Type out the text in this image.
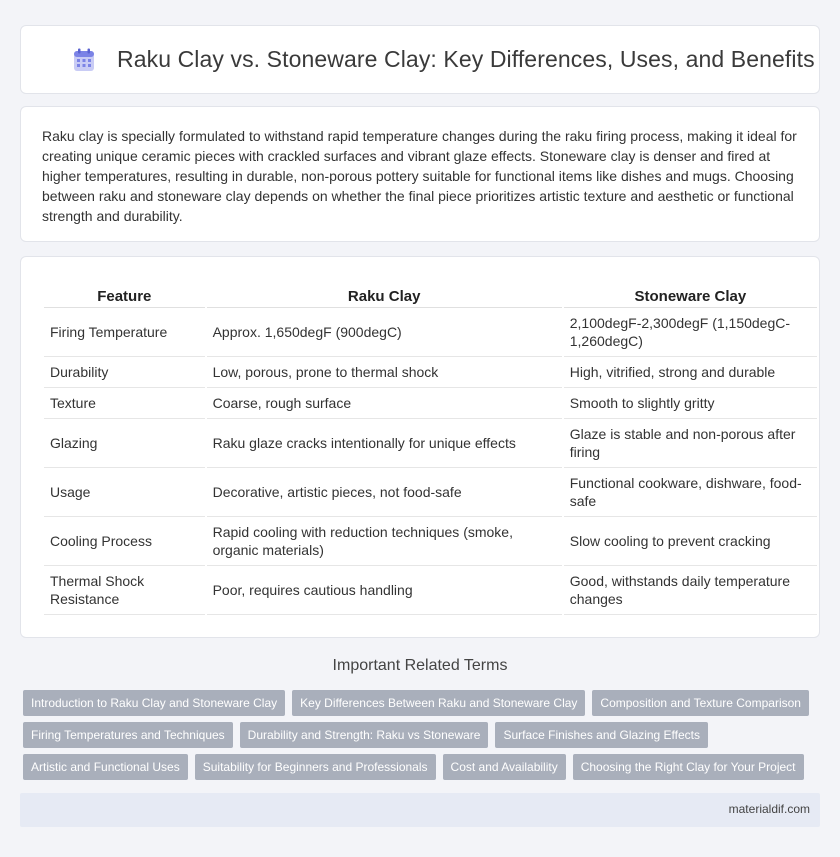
Raku Clay vs. Stoneware Clay: Key Differences, Uses, and Benefits

Raku clay is specially formulated to withstand rapid temperature changes during the raku firing process, making it ideal for creating unique ceramic pieces with crackled surfaces and vibrant glaze effects. Stoneware clay is denser and fired at higher temperatures, resulting in durable, non-porous pottery suitable for functional items like dishes and mugs. Choosing between raku and stoneware clay depends on whether the final piece prioritizes artistic texture and aesthetic or functional strength and durability.

Feature	Raku Clay	Stoneware Clay
Firing Temperature	Approx. 1,650degF (900degC)	2,100degF-2,300degF (1,150degC-1,260degC)
Durability	Low, porous, prone to thermal shock	High, vitrified, strong and durable
Texture	Coarse, rough surface	Smooth to slightly gritty
Glazing	Raku glaze cracks intentionally for unique effects	Glaze is stable and non-porous after firing
Usage	Decorative, artistic pieces, not food-safe	Functional cookware, dishware, food-safe
Cooling Process	Rapid cooling with reduction techniques (smoke, organic materials)	Slow cooling to prevent cracking
Thermal Shock Resistance	Poor, requires cautious handling	Good, withstands daily temperature changes
Important Related Terms
Introduction to Raku Clay and Stoneware Clay	Key Differences Between Raku and Stoneware Clay	Composition and Texture Comparison
Firing Temperatures and Techniques	Durability and Strength: Raku vs Stoneware	Surface Finishes and Glazing Effects
Artistic and Functional Uses	Suitability for Beginners and Professionals	Cost and Availability	Choosing the Right Clay for Your Project
materialdif.com
